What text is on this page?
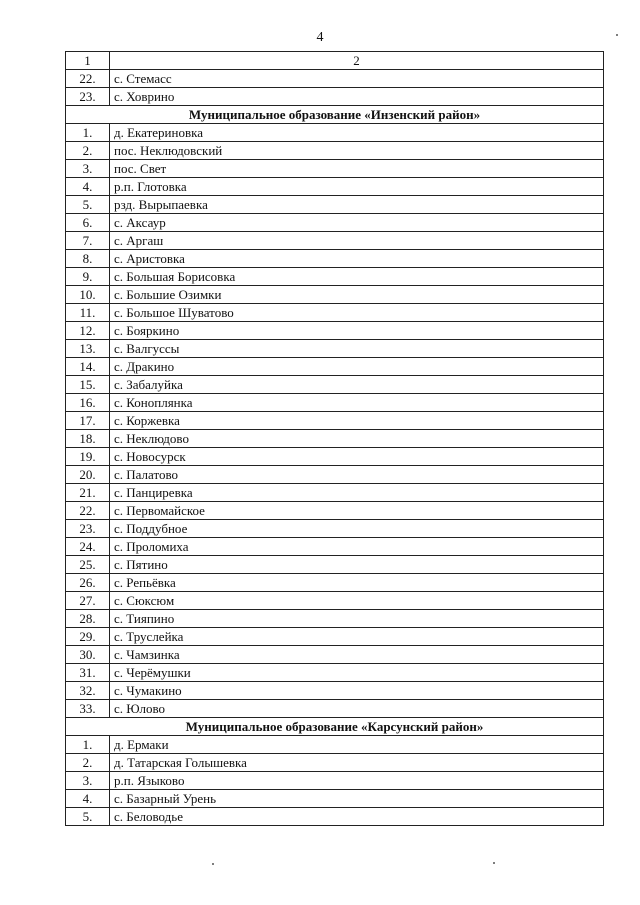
4
1	2
22.	с. Стемасс
23.	с. Ховрино
Муниципальное образование «Инзенский район»	
1.	д. Екатериновка
2.	пос. Неклюдовский
3.	пос. Свет
4.	р.п. Глотовка
5.	рзд. Вырыпаевка
6.	с. Аксаур
7.	с. Аргаш
8.	с. Аристовка
9.	с. Большая Борисовка
10.	с. Большие Озимки
11.	с. Большое Шуватово
12.	с. Бояркино
13.	с. Валгуссы
14.	с. Дракино
15.	с. Забалуйка
16.	с. Коноплянка
17.	с. Коржевка
18.	с. Неклюдово
19.	с. Новосурск
20.	с. Палатово
21.	с. Панциревка
22.	с. Первомайское
23.	с. Поддубное
24.	с. Проломиха
25.	с. Пятино
26.	с. Репьёвка
27.	с. Сюксюм
28.	с. Тияпино
29.	с. Труслейка
30.	с. Чамзинка
31.	с. Черёмушки
32.	с. Чумакино
33.	с. Юлово
Муниципальное образование «Карсунский район»	
1.	д. Ермаки
2.	д. Татарская Голышевка
3.	р.п. Языково
4.	с. Базарный Урень
5.	с. Беловодье
